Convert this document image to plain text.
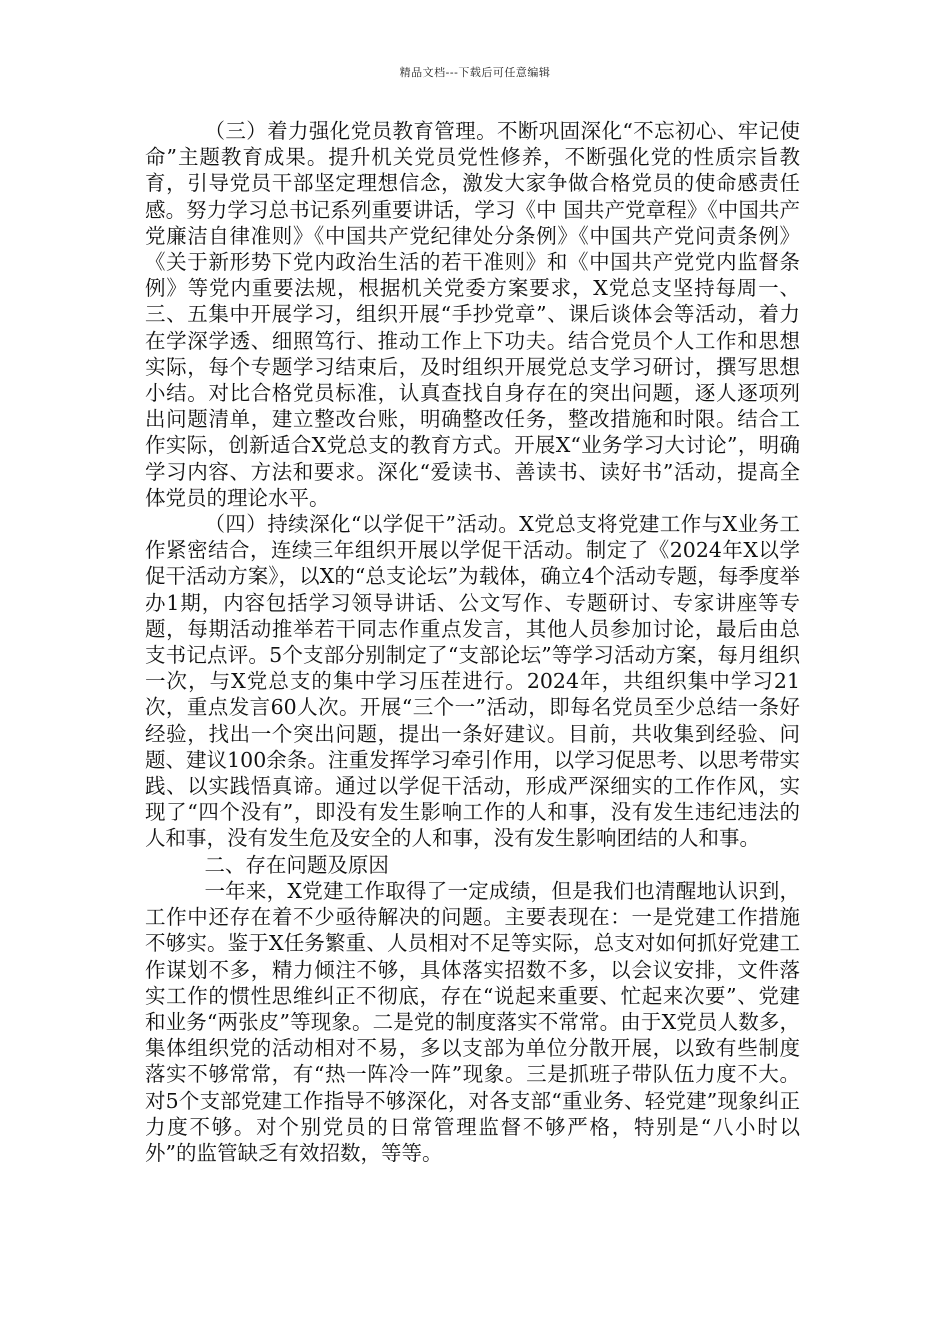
精品文档---下载后可任意编辑

（三）着力强化党员教育管理。不断巩固深化“不忘初心、牢记使命”主题教育成果。提升机关党员党性修养，不断强化党的性质宗旨教育，引导党员干部坚定理想信念，激发大家争做合格党员的使命感责任感。努力学习总书记系列重要讲话，学习《中 国共产党章程》《中国共产党廉洁自律准则》《中国共产党纪律处分条例》《中国共产党问责条例》《关于新形势下党内政治生活的若干准则》和《中国共产党党内监督条例》等党内重要法规，根据机关党委方案要求，X党总支坚持每周一、三、五集中开展学习，组织开展“手抄党章”、课后谈体会等活动，着力在学深学透、细照笃行、推动工作上下功夫。结合党员个人工作和思想实际，每个专题学习结束后，及时组织开展党总支学习研讨，撰写思想小结。对比合格党员标准，认真查找自身存在的突出问题，逐人逐项列出问题清单，建立整改台账，明确整改任务，整改措施和时限。结合工作实际，创新适合X党总支的教育方式。开展X“业务学习大讨论”，明确学习内容、方法和要求。深化“爱读书、善读书、读好书”活动，提高全体党员的理论水平。

（四）持续深化“以学促干”活动。X党总支将党建工作与X业务工作紧密结合，连续三年组织开展以学促干活动。制定了《2024年X以学促干活动方案》，以X的“总支论坛”为载体，确立4个活动专题，每季度举办1期，内容包括学习领导讲话、公文写作、专题研讨、专家讲座等专题，每期活动推举若干同志作重点发言，其他人员参加讨论，最后由总支书记点评。5个支部分别制定了“支部论坛”等学习活动方案，每月组织一次，与X党总支的集中学习压茬进行。2024年，共组织集中学习21次，重点发言60人次。开展“三个一”活动，即每名党员至少总结一条好经验，找出一个突出问题，提出一条好建议。目前，共收集到经验、问题、建议100余条。注重发挥学习牵引作用，以学习促思考、以思考带实践、以实践悟真谛。通过以学促干活动，形成严深细实的工作作风，实现了“四个没有”，即没有发生影响工作的人和事，没有发生违纪违法的人和事，没有发生危及安全的人和事，没有发生影响团结的人和事。

二、存在问题及原因

一年来，X党建工作取得了一定成绩，但是我们也清醒地认识到，工作中还存在着不少亟待解决的问题。主要表现在：一是党建工作措施不够实。鉴于X任务繁重、人员相对不足等实际，总支对如何抓好党建工作谋划不多，精力倾注不够，具体落实招数不多，以会议安排，文件落实工作的惯性思维纠正不彻底，存在“说起来重要、忙起来次要”、党建和业务“两张皮”等现象。二是党的制度落实不常常。由于X党员人数多，集体组织党的活动相对不易，多以支部为单位分散开展，以致有些制度落实不够常常，有“热一阵冷一阵”现象。三是抓班子带队伍力度不大。对5个支部党建工作指导不够深化，对各支部“重业务、轻党建”现象纠正力度不够。对个别党员的日常管理监督不够严格，特别是“八小时以外”的监管缺乏有效招数，等等。
